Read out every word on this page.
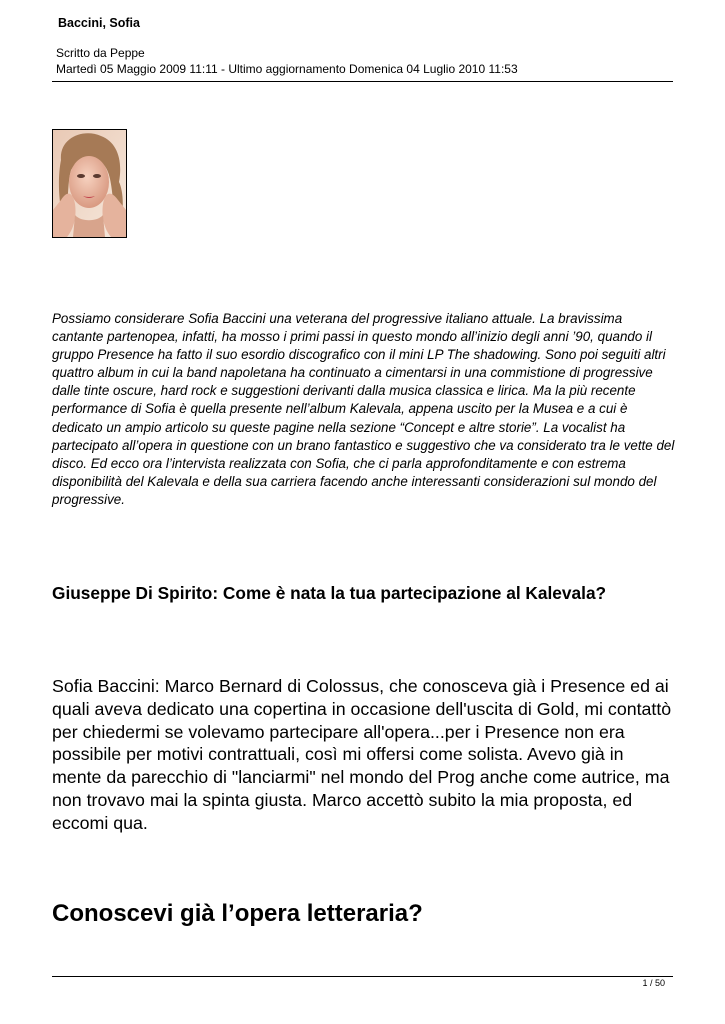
Baccini, Sofia
Scritto da Peppe
Martedì 05 Maggio 2009 11:11 - Ultimo aggiornamento Domenica 04 Luglio 2010 11:53
Possiamo considerare Sofia Baccini una veterana del progressive italiano attuale. La bravissima cantante partenopea, infatti, ha mosso i primi passi in questo mondo all’inizio degli anni ’90, quando il gruppo Presence ha fatto il suo esordio discografico con il mini LP The shadowing. Sono poi seguiti altri quattro album in cui la band napoletana ha continuato a cimentarsi in una commistione di progressive dalle tinte oscure, hard rock e suggestioni derivanti dalla musica classica e lirica. Ma la più recente performance di Sofia è quella presente nell’album Kalevala, appena uscito per la Musea e a cui è dedicato un ampio articolo su queste pagine nella sezione “Concept e altre storie”. La vocalist ha partecipato all’opera in questione con un brano fantastico e suggestivo che va considerato tra le vette del disco. Ed ecco ora l’intervista realizzata con Sofia, che ci parla approfonditamente e con estrema disponibilità del Kalevala e della sua carriera facendo anche interessanti considerazioni sul mondo del progressive.
Giuseppe Di Spirito: Come è nata la tua partecipazione al Kalevala?
Sofia Baccini: Marco Bernard di Colossus, che conosceva già i Presence ed ai quali aveva dedicato una copertina in occasione dell'uscita di Gold, mi contattò per chiedermi se volevamo partecipare all'opera...per i Presence non era possibile per motivi contrattuali, così mi offersi come solista. Avevo già in mente da parecchio di "lanciarmi" nel mondo del Prog anche come autrice, ma non trovavo mai la spinta giusta. Marco accettò subito la mia proposta, ed eccomi qua.
Conoscevi già l’opera letteraria?
1 / 50
